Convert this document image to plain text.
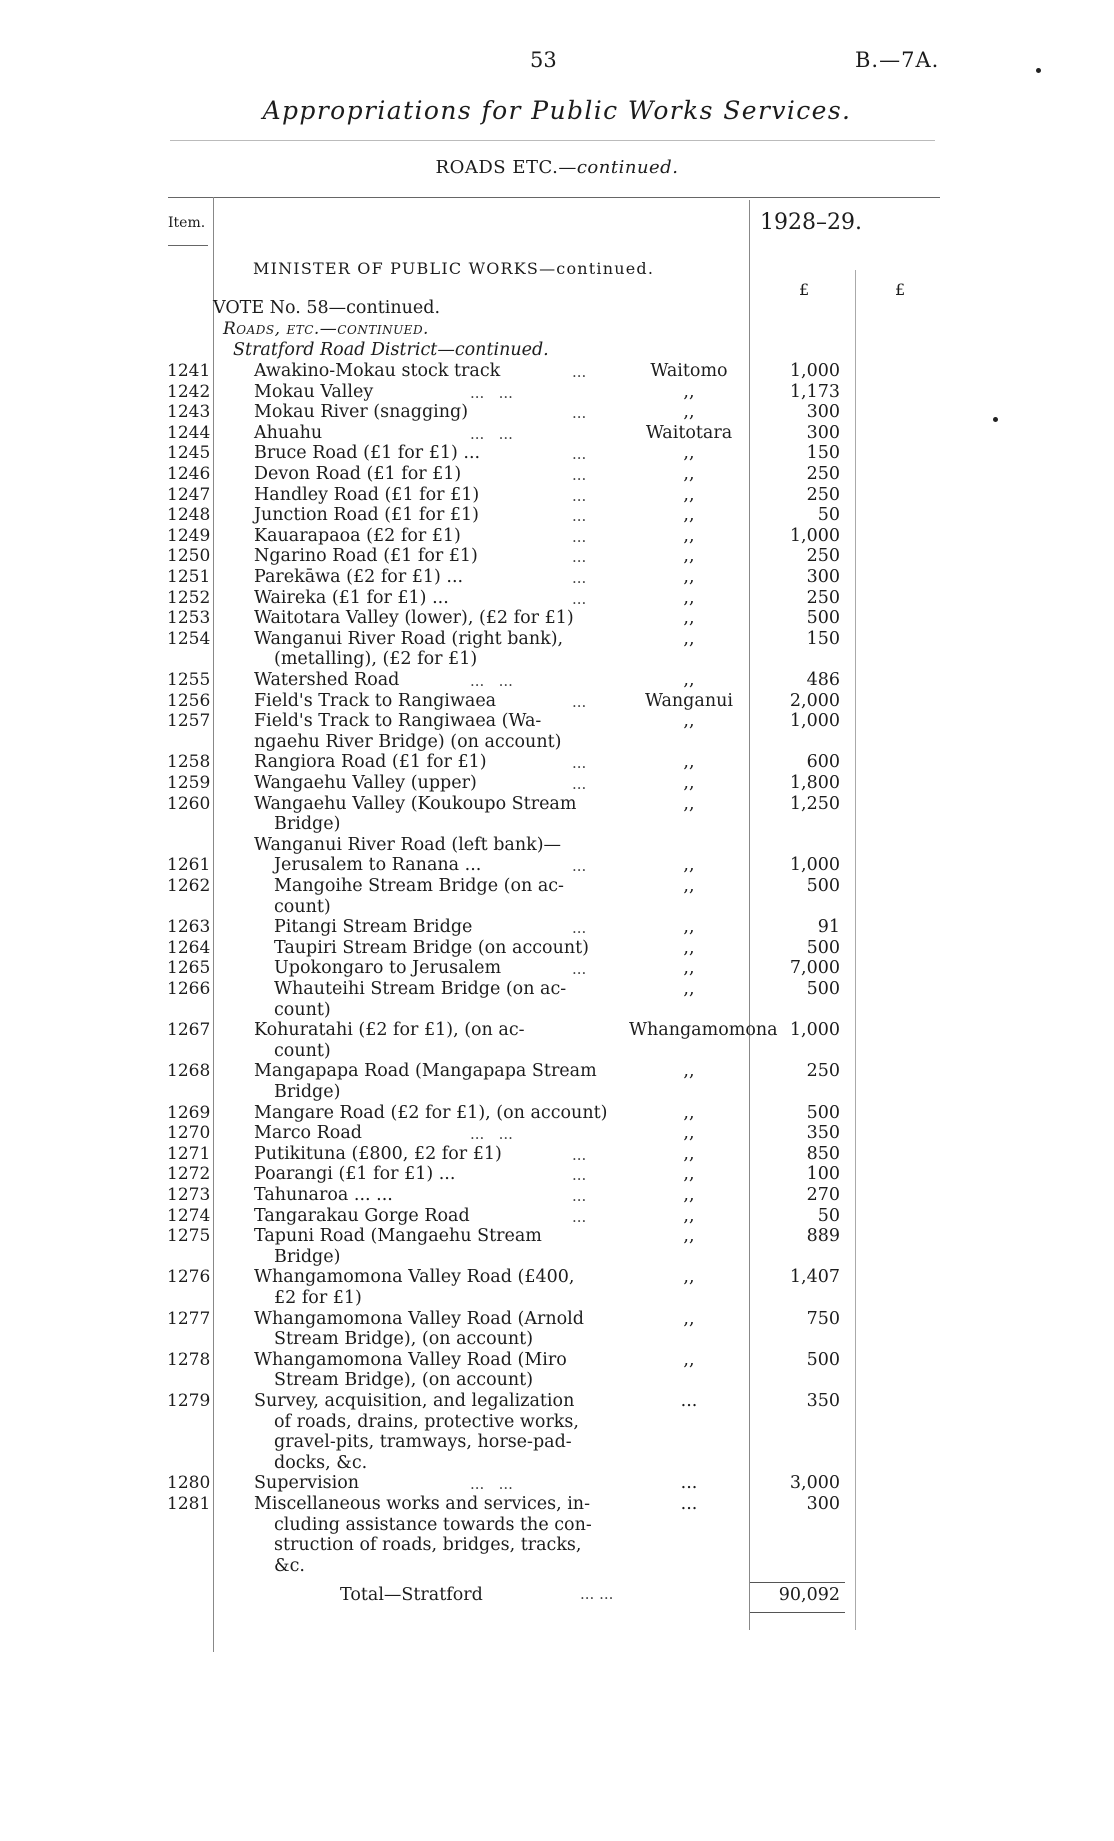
53	B.—7A.
Appropriations for Public Works Services.
ROADS ETC.—continued.
Item.	1928–29.
£	£
MINISTER OF PUBLIC WORKS—continued.
VOTE No. 58—continued.
Roads, etc.—continued.
Stratford Road District—continued.
1241 Awakino-Mokau stock track	...	Waitomo	1,000
1242 Mokau Valley	...   ...	,,	1,173
1243 Mokau River (snagging)	...	,,	300
1244 Ahuahu	...   ...	Waitotara	300
1245 Bruce Road (£1 for £1) ...	...	,,	150
1246 Devon Road (£1 for £1)	...	,,	250
1247 Handley Road (£1 for £1)	...	,,	250
1248 Junction Road (£1 for £1)	...	,,	50
1249 Kauarapaoa (£2 for £1)	...	,,	1,000
1250 Ngarino Road (£1 for £1)	...	,,	250
1251 Parekāwa (£2 for £1) ...	...	,,	300
1252 Waireka (£1 for £1) ...	...	,,	250
1253 Waitotara Valley (lower), (£2 for £1)	,,	500
1254 Wanganui River Road (right bank),
(metalling), (£2 for £1)
,,	150
1255 Watershed Road	...   ...	,,	486
1256 Field's Track to Rangiwaea	...	Wanganui	2,000
1257 Field's Track to Rangiwaea (Wa-
ngaehu River Bridge) (on account)
,,	1,000
1258 Rangiora Road (£1 for £1)	...	,,	600
1259 Wangaehu Valley (upper)	...	,,	1,800
1260 Wangaehu Valley (Koukoupo Stream
Bridge)
,,	1,250
Wanganui River Road (left bank)—
1261	Jerusalem to Ranana ...	...	,,	1,000
1262	Mangoihe Stream Bridge (on ac-
count)
,,	500
1263	Pitangi Stream Bridge	...	,,	91
1264	Taupiri Stream Bridge (on account)	,,	500
1265	Upokongaro to Jerusalem	...	,,	7,000
1266	Whauteihi Stream Bridge (on ac-
count)
,,	500
1267 Kohuratahi (£2 for £1), (on ac-
count)
Whangamomona 1,000
1268 Mangapapa Road (Mangapapa Stream
Bridge)
,,	250
1269 Mangare Road (£2 for £1), (on account)	,,	500
1270 Marco Road	...   ...	,,	350
1271 Putikituna (£800, £2 for £1)	...	,,	850
1272 Poarangi (£1 for £1) ...	...	,,	100
1273 Tahunaroa ... ...	...	,,	270
1274 Tangarakau Gorge Road	...	,,	50
1275 Tapuni Road (Mangaehu Stream
Bridge)
,,	889
1276 Whangamomona Valley Road (£400,
£2 for £1)
,,	1,407
1277 Whangamomona Valley Road (Arnold
Stream Bridge), (on account)
,,	750
1278 Whangamomona Valley Road (Miro
Stream Bridge), (on account)
,,	500
1279 Survey, acquisition, and legalization
of roads, drains, protective works,
gravel-pits, tramways, horse-pad-
docks, &c.
...	350
1280 Supervision	...   ...	...	3,000
1281 Miscellaneous works and services, in-
cluding assistance towards the con-
struction of roads, bridges, tracks,
&c.
...	300
Total—Stratford	... ...	90,092
